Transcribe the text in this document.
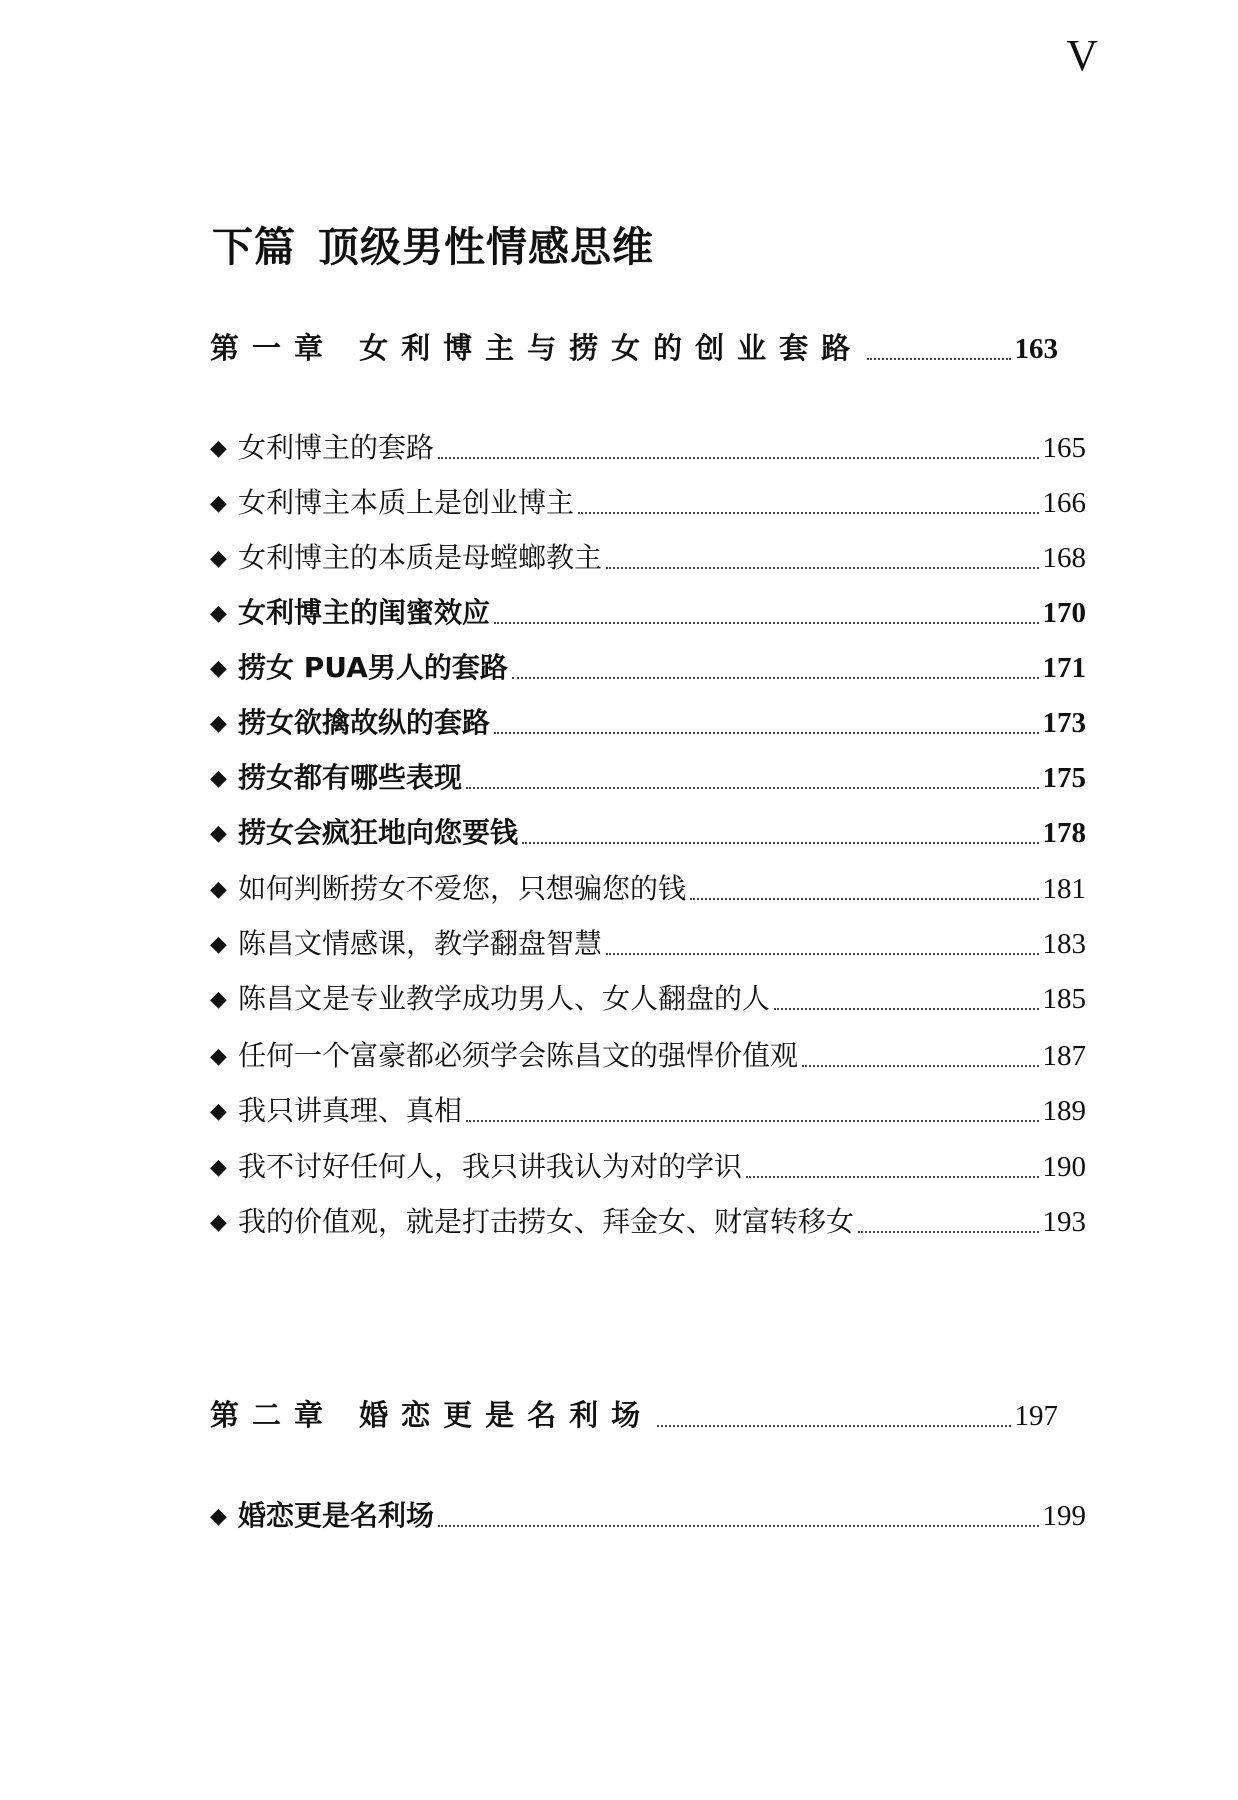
V
下篇 顶级男性情感思维
第一章 女利博主与捞女的创业套路	163
◆ 女利博主的套路	165
◆ 女利博主本质上是创业博主	166
◆ 女利博主的本质是母螳螂教主	168
◆ 女利博主的闺蜜效应	170
◆ 捞女 PUA男人的套路	171
◆ 捞女欲擒故纵的套路	173
◆ 捞女都有哪些表现	175
◆ 捞女会疯狂地向您要钱	178
◆ 如何判断捞女不爱您，只想骗您的钱	181
◆ 陈昌文情感课，教学翻盘智慧	183
◆ 陈昌文是专业教学成功男人、女人翻盘的人	185
◆ 任何一个富豪都必须学会陈昌文的强悍价值观	187
◆ 我只讲真理、真相	189
◆ 我不讨好任何人，我只讲我认为对的学识	190
◆ 我的价值观，就是打击捞女、拜金女、财富转移女	193
第二章 婚恋更是名利场	197
◆ 婚恋更是名利场	199
